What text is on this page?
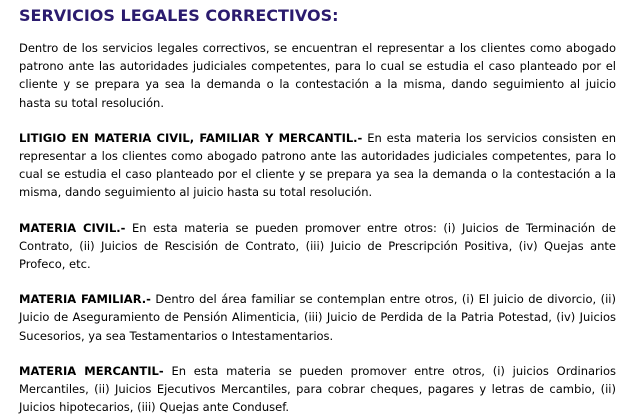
SERVICIOS LEGALES CORRECTIVOS:

Dentro de los servicios legales correctivos, se encuentran el representar a los clientes como abogado patrono ante las autoridades judiciales competentes, para lo cual se estudia el caso planteado por el cliente y se prepara ya sea la demanda o la contestación a la misma, dando seguimiento al juicio hasta su total resolución.

LITIGIO EN MATERIA CIVIL, FAMILIAR Y MERCANTIL.- En esta materia los servicios consisten en representar a los clientes como abogado patrono ante las autoridades judiciales competentes, para lo cual se estudia el caso planteado por el cliente y se prepara ya sea la demanda o la contestación a la misma, dando seguimiento al juicio hasta su total resolución.

MATERIA CIVIL.- En esta materia se pueden promover entre otros: (i) Juicios de Terminación de Contrato, (ii) Juicios de Rescisión de Contrato, (iii) Juicio de Prescripción Positiva, (iv) Quejas ante Profeco, etc.

MATERIA FAMILIAR.- Dentro del área familiar se contemplan entre otros, (i) El juicio de divorcio, (ii) Juicio de Aseguramiento de Pensión Alimenticia, (iii) Juicio de Perdida de la Patria Potestad, (iv) Juicios Sucesorios, ya sea Testamentarios o Intestamentarios.

MATERIA MERCANTIL- En esta materia se pueden promover entre otros, (i) juicios Ordinarios Mercantiles, (ii) Juicios Ejecutivos Mercantiles, para cobrar cheques, pagares y letras de cambio, (ii) Juicios hipotecarios, (iii) Quejas ante Condusef.
